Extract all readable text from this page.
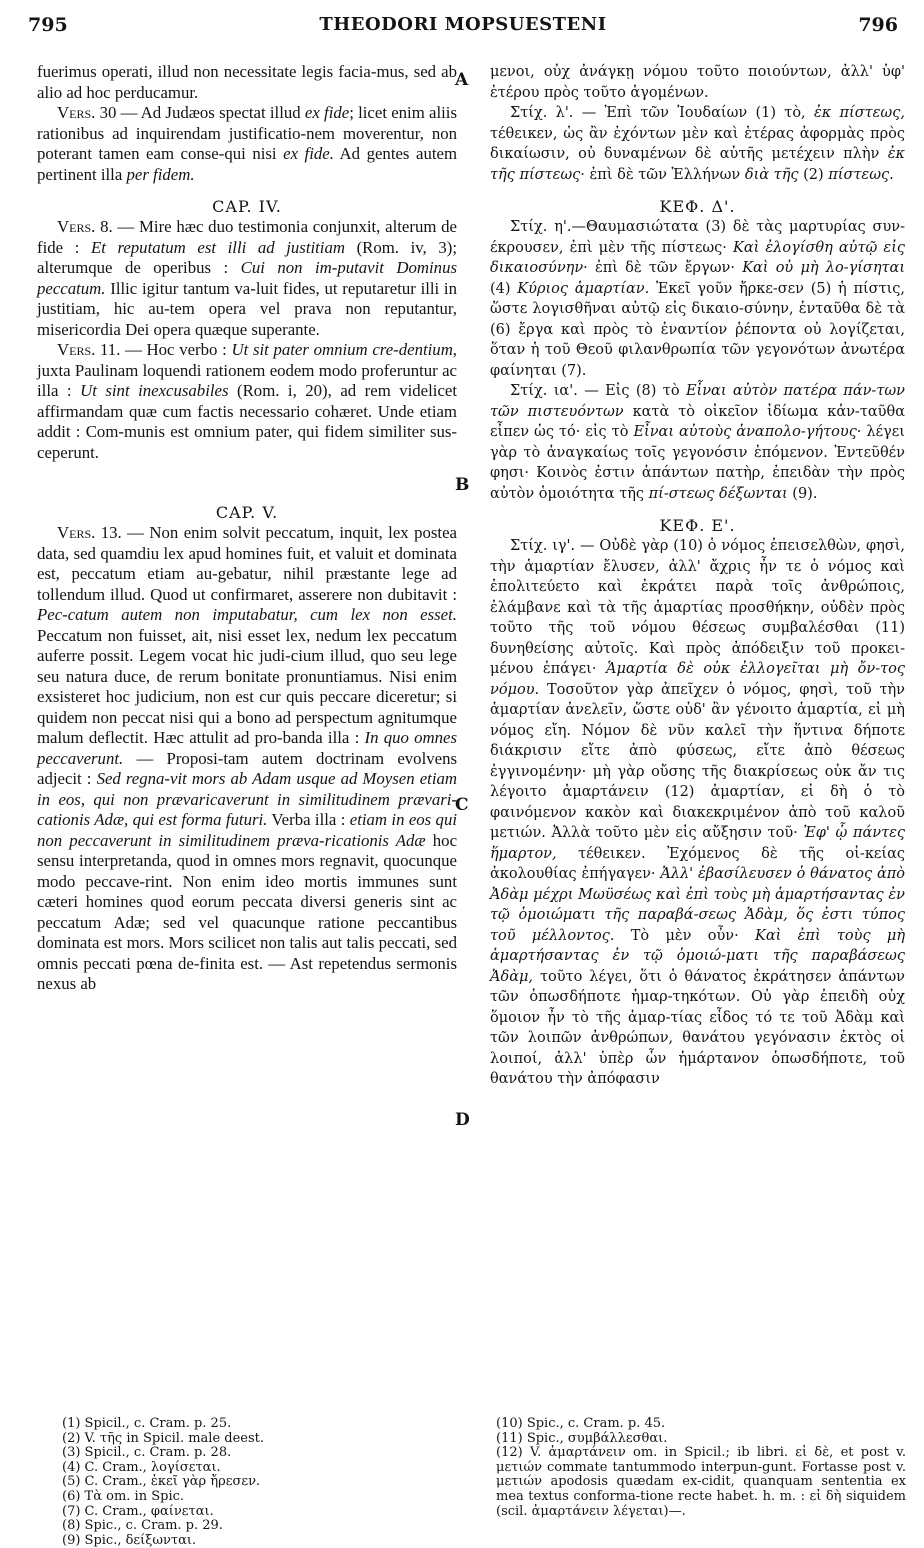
795	THEODORI MOPSUESTENI	796
A
B
C
D

fuerimus operati, illud non necessitate legis facia-mus, sed ab alio ad hoc perducamur.

Vers. 30 — Ad Judæos spectat illud ex fide; licet enim aliis rationibus ad inquirendam justificatio-nem moverentur, non poterant tamen eam conse-qui nisi ex fide. Ad gentes autem pertinent illa per fidem.

CAP. IV.

Vers. 8. — Mire hæc duo testimonia conjunxit, alterum de fide : Et reputatum est illi ad justitiam (Rom. iv, 3); alterumque de operibus : Cui non im-putavit Dominus peccatum. Illic igitur tantum va-luit fides, ut reputaretur illi in justitiam, hic au-tem opera vel prava non reputantur, misericordia Dei opera quæque superante.

Vers. 11. — Hoc verbo : Ut sit pater omnium cre-dentium, juxta Paulinam loquendi rationem eodem modo proferuntur ac illa : Ut sint inexcusabiles (Rom. i, 20), ad rem videlicet affirmandam quæ cum factis necessario cohæret. Unde etiam addit : Com-munis est omnium pater, qui fidem similiter sus-ceperunt.

CAP. V.

Vers. 13. — Non enim solvit peccatum, inquit, lex postea data, sed quamdiu lex apud homines fuit, et valuit et dominata est, peccatum etiam au-gebatur, nihil præstante lege ad tollendum illud. Quod ut confirmaret, asserere non dubitavit : Pec-catum autem non imputabatur, cum lex non esset. Peccatum non fuisset, ait, nisi esset lex, nedum lex peccatum auferre possit. Legem vocat hic judi-cium illud, quo seu lege seu natura duce, de rerum bonitate pronuntiamus. Nisi enim exsisteret hoc judicium, non est cur quis peccare diceretur; si quidem non peccat nisi qui a bono ad perspectum agnitumque malum deflectit. Hæc attulit ad pro-banda illa : In quo omnes peccaverunt. — Proposi-tam autem doctrinam evolvens adjecit : Sed regna-vit mors ab Adam usque ad Moysen etiam in eos, qui non prævaricaverunt in similitudinem prævari-cationis Adæ, qui est forma futuri. Verba illa : etiam in eos qui non peccaverunt in similitudinem præva-ricationis Adæ hoc sensu interpretanda, quod in omnes mors regnavit, quocunque modo peccave-rint. Non enim ideo mortis immunes sunt cæteri homines quod eorum peccata diversi generis sint ac peccatum Adæ; sed vel quacunque ratione peccantibus dominata est mors. Mors scilicet non talis aut talis peccati, sed omnis peccati pœna de-finita est. — Ast repetendus sermonis nexus ab

μενοι, οὐχ ἀνάγκῃ νόμου τοῦτο ποιούντων, ἀλλ' ὑφ' ἑτέρου πρὸς τοῦτο ἀγομένων.

Στίχ. λ'. — Ἐπὶ τῶν Ἰουδαίων (1) τὸ, ἐκ πίστεως, τέθεικεν, ὡς ἂν ἐχόντων μὲν καὶ ἑτέρας ἀφορμὰς πρὸς δικαίωσιν, οὐ δυναμένων δὲ αὐτῆς μετέχειν πλὴν ἐκ τῆς πίστεως· ἐπὶ δὲ τῶν Ἑλλήνων διὰ τῆς (2) πίστεως.

ΚΕΦ. Δ'.

Στίχ. η'.—Θαυμασιώτατα (3) δὲ τὰς μαρτυρίας συν-έκρουσεν, ἐπὶ μὲν τῆς πίστεως· Καὶ ἐλογίσθη αὐτῷ εἰς δικαιοσύνην· ἐπὶ δὲ τῶν ἔργων· Καὶ οὐ μὴ λο-γίσηται (4) Κύριος ἁμαρτίαν. Ἐκεῖ γοῦν ἤρκε-σεν (5) ἡ πίστις, ὥστε λογισθῆναι αὐτῷ εἰς δικαιο-σύνην, ἐνταῦθα δὲ τὰ (6) ἔργα καὶ πρὸς τὸ ἐναντίον ῥέποντα οὐ λογίζεται, ὅταν ἡ τοῦ Θεοῦ φιλανθρωπία τῶν γεγονότων ἀνωτέρα φαίνηται (7).

Στίχ. ια'. — Εἰς (8) τὸ Εἶναι αὐτὸν πατέρα πάν-των τῶν πιστευόντων κατὰ τὸ οἰκεῖον ἰδίωμα κἀν-ταῦθα εἶπεν ὡς τό· εἰς τὸ Εἶναι αὐτοὺς ἀναπολο-γήτους· λέγει γὰρ τὸ ἀναγκαίως τοῖς γεγονόσιν ἑπόμενον. Ἐντεῦθέν φησι· Κοινὸς ἐστιν ἁπάντων πατὴρ, ἐπειδὰν τὴν πρὸς αὐτὸν ὁμοιότητα τῆς πί-στεως δέξωνται (9).

ΚΕΦ. Ε'.

Στίχ. ιγ'. — Οὐδὲ γὰρ (10) ὁ νόμος ἐπεισελθὼν, φησὶ, τὴν ἁμαρτίαν ἔλυσεν, ἀλλ' ἄχρις ἦν τε ὁ νόμος καὶ ἐπολιτεύετο καὶ ἐκράτει παρὰ τοῖς ἀνθρώποις, ἐλάμβανε καὶ τὰ τῆς ἁμαρτίας προσθήκην, οὐδὲν πρὸς τοῦτο τῆς τοῦ νόμου θέσεως συμβαλέσθαι (11) δυνηθείσης αὐτοῖς. Καὶ πρὸς ἀπόδειξιν τοῦ προκει-μένου ἐπάγει· Ἁμαρτία δὲ οὐκ ἐλλογεῖται μὴ ὄν-τος νόμου. Τοσοῦτον γὰρ ἀπεῖχεν ὁ νόμος, φησὶ, τοῦ τὴν ἁμαρτίαν ἀνελεῖν, ὥστε οὐδ' ἂν γένοιτο ἁμαρτία, εἰ μὴ νόμος εἴη. Νόμον δὲ νῦν καλεῖ τὴν ἥντινα δήποτε διάκρισιν εἴτε ἀπὸ φύσεως, εἴτε ἀπὸ θέσεως ἐγγινομένην· μὴ γὰρ οὔσης τῆς διακρίσεως οὐκ ἄν τις λέγοιτο ἁμαρτάνειν (12) ἁμαρτίαν, εἰ δὴ ὁ τὸ φαινόμενον κακὸν καὶ διακεκριμένον ἀπὸ τοῦ καλοῦ μετιών. Ἀλλὰ τοῦτο μὲν εἰς αὔξησιν τοῦ· Ἐφ' ᾧ πάντες ἥμαρτον, τέθεικεν. Ἐχόμενος δὲ τῆς οἰ-κείας ἀκολουθίας ἐπήγαγεν· Ἀλλ' ἐβασίλευσεν ὁ θάνατος ἀπὸ Ἀδὰμ μέχρι Μωϋσέως καὶ ἐπὶ τοὺς μὴ ἁμαρτήσαντας ἐν τῷ ὁμοιώματι τῆς παραβά-σεως Ἀδὰμ, ὅς ἐστι τύπος τοῦ μέλλοντος. Τὸ μὲν οὖν· Καὶ ἐπὶ τοὺς μὴ ἁμαρτήσαντας ἐν τῷ ὁμοιώ-ματι τῆς παραβάσεως Ἀδὰμ, τοῦτο λέγει, ὅτι ὁ θάνατος ἐκράτησεν ἁπάντων τῶν ὁπωσδήποτε ἡμαρ-τηκότων. Οὐ γὰρ ἐπειδὴ οὐχ ὅμοιον ἦν τὸ τῆς ἁμαρ-τίας εἶδος τό τε τοῦ Ἀδὰμ καὶ τῶν λοιπῶν ἀνθρώπων, θανάτου γεγόνασιν ἐκτὸς οἱ λοιποί, ἀλλ' ὑπὲρ ὧν ἡμάρτανον ὁπωσδήποτε, τοῦ θανάτου τὴν ἀπόφασιν

(1) Spicil., c. Cram. p. 25.
(2) V. τῆς in Spicil. male deest.
(3) Spicil., c. Cram. p. 28.
(4) C. Cram., λογίσεται.
(5) C. Cram., ἐκεῖ γὰρ ἤρεσεν.
(6) Τὰ om. in Spic.
(7) C. Cram., φαίνεται.
(8) Spic., c. Cram. p. 29.
(9) Spic., δείξωνται.
(10) Spic., c. Cram. p. 45.
(11) Spic., συμβάλλεσθαι.
(12) V. ἁμαρτάνειν om. in Spicil.; ib libri. εἰ δὲ, et post v. μετιών commate tantummodo interpun-gunt. Fortasse post v. μετιών apodosis quædam ex-cidit, quanquam sententia ex mea textus conforma-tione recte habet. h. m. : εἰ δὴ siquidem (scil. ἁμαρτάνειν λέγεται)—.
